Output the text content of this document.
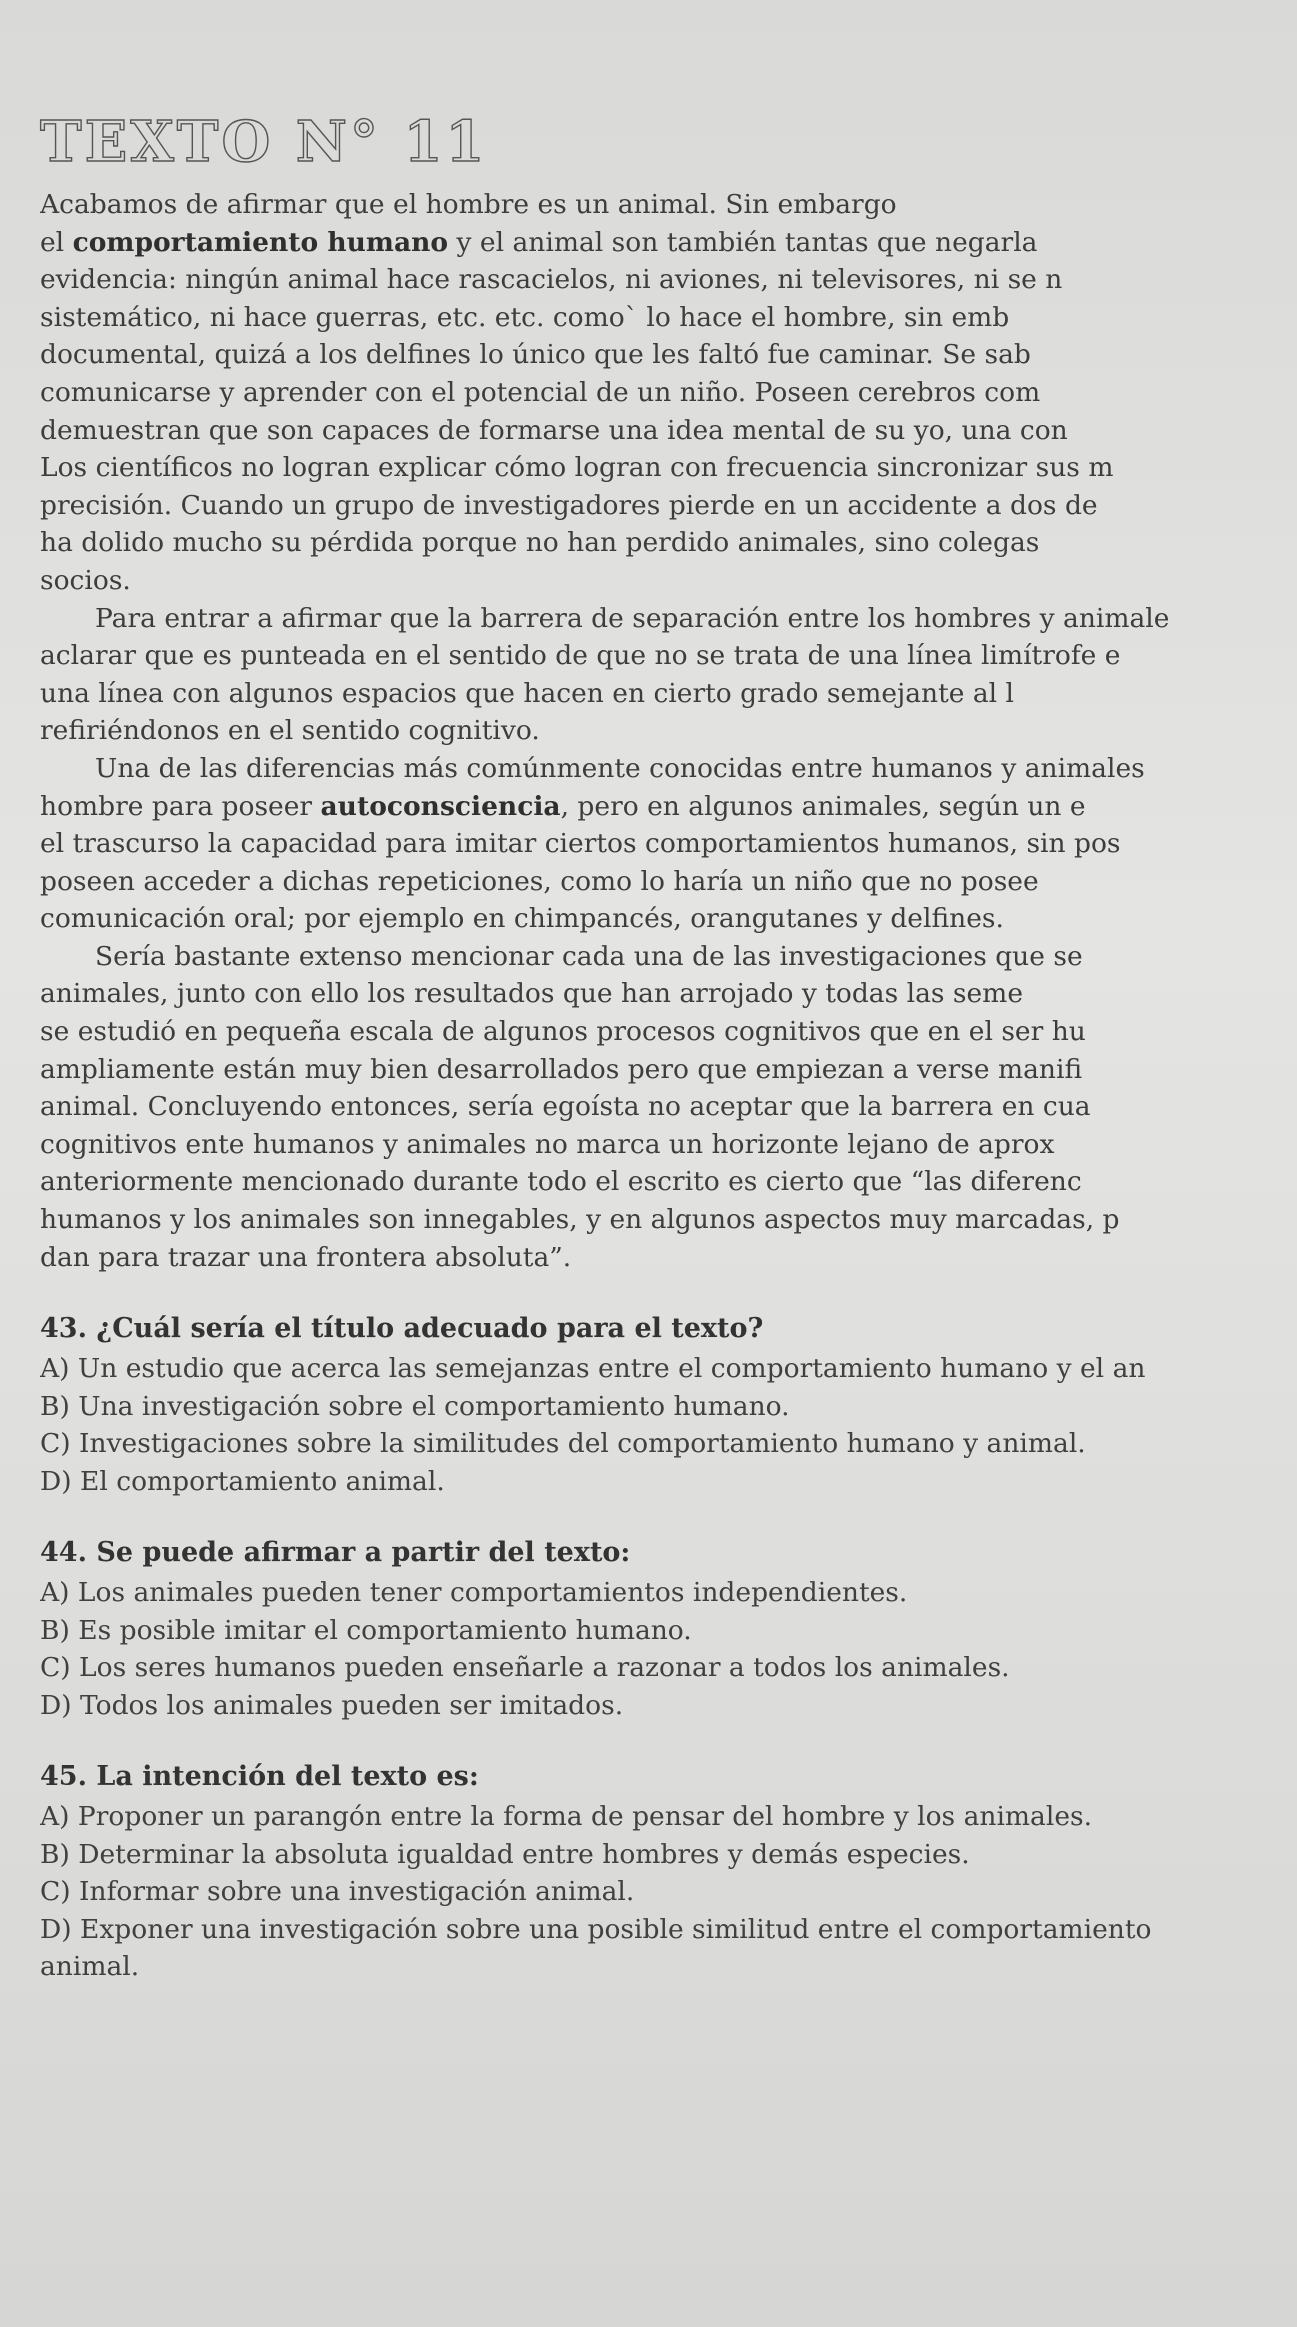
TEXTO N° 11
Acabamos de afirmar que el hombre es un animal. Sin embargo
el comportamiento humano y el animal son también tantas que negarla
evidencia: ningún animal hace rascacielos, ni aviones, ni televisores, ni se n
sistemático, ni hace guerras, etc. etc. como` lo hace el hombre, sin emb
documental, quizá a los delfines lo único que les faltó fue caminar. Se sab
comunicarse y aprender con el potencial de un niño. Poseen cerebros com
demuestran que son capaces de formarse una idea mental de su yo, una con
Los científicos no logran explicar cómo logran con frecuencia sincronizar sus m
precisión. Cuando un grupo de investigadores pierde en un accidente a dos de
ha dolido mucho su pérdida porque no han perdido animales, sino colegas
socios.
Para entrar a afirmar que la barrera de separación entre los hombres y animale
aclarar que es punteada en el sentido de que no se trata de una línea limítrofe e
una línea con algunos espacios que hacen en cierto grado semejante al l
refiriéndonos en el sentido cognitivo.
Una de las diferencias más comúnmente conocidas entre humanos y animales
hombre para poseer autoconsciencia, pero en algunos animales, según un e
el trascurso la capacidad para imitar ciertos comportamientos humanos, sin pos
poseen acceder a dichas repeticiones, como lo haría un niño que no posee
comunicación oral; por ejemplo en chimpancés, orangutanes y delfines.
Sería bastante extenso mencionar cada una de las investigaciones que se
animales, junto con ello los resultados que han arrojado y todas las seme
se estudió en pequeña escala de algunos procesos cognitivos que en el ser hu
ampliamente están muy bien desarrollados pero que empiezan a verse manifi
animal. Concluyendo entonces, sería egoísta no aceptar que la barrera en cua
cognitivos ente humanos y animales no marca un horizonte lejano de aprox
anteriormente mencionado durante todo el escrito es cierto que “las diferenc
humanos y los animales son innegables, y en algunos aspectos muy marcadas, p
dan para trazar una frontera absoluta”.
43. ¿Cuál sería el título adecuado para el texto?
A) Un estudio que acerca las semejanzas entre el comportamiento humano y el an
B) Una investigación sobre el comportamiento humano.
C) Investigaciones sobre la similitudes del comportamiento humano y animal.
D) El comportamiento animal.
44. Se puede afirmar a partir del texto:
A) Los animales pueden tener comportamientos independientes.
B) Es posible imitar el comportamiento humano.
C) Los seres humanos pueden enseñarle a razonar a todos los animales.
D) Todos los animales pueden ser imitados.
45. La intención del texto es:
A) Proponer un parangón entre la forma de pensar del hombre y los animales.
B) Determinar la absoluta igualdad entre hombres y demás especies.
C) Informar sobre una investigación animal.
D) Exponer una investigación sobre una posible similitud entre el comportamiento
animal.
